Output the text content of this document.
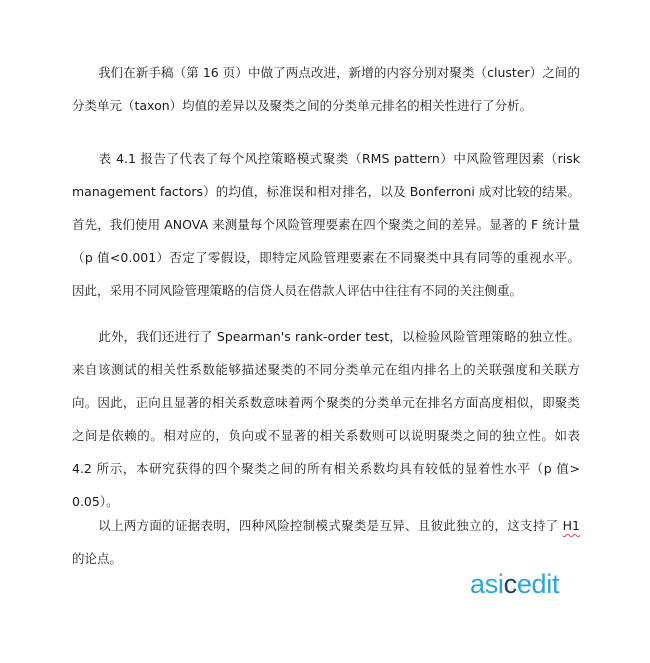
我们在新手稿（第 16 页）中做了两点改进，新增的内容分别对聚类（cluster）之间的分类单元（taxon）均值的差异以及聚类之间的分类单元排名的相关性进行了分析。

表 4.1 报告了代表了每个风控策略模式聚类（RMS pattern）中风险管理因素（risk management factors）的均值，标准误和相对排名，以及 Bonferroni 成对比较的结果。首先，我们使用 ANOVA 来测量每个风险管理要素在四个聚类之间的差异。显著的 F 统计量（p 值<0.001）否定了零假设，即特定风险管理要素在不同聚类中具有同等的重视水平。因此，采用不同风险管理策略的信贷人员在借款人评估中往往有不同的关注侧重。

此外，我们还进行了 Spearman's rank-order test，以检验风险管理策略的独立性。来自该测试的相关性系数能够描述聚类的不同分类单元在组内排名上的关联强度和关联方向。因此，正向且显著的相关系数意味着两个聚类的分类单元在排名方面高度相似，即聚类之间是依赖的。相对应的，负向或不显著的相关系数则可以说明聚类之间的独立性。如表 4.2 所示，本研究获得的四个聚类之间的所有相关系数均具有较低的显着性水平（p 值> 0.05）。

以上两方面的证据表明，四种风险控制模式聚类是互异、且彼此独立的，这支持了 H1的论点。

asicedit
